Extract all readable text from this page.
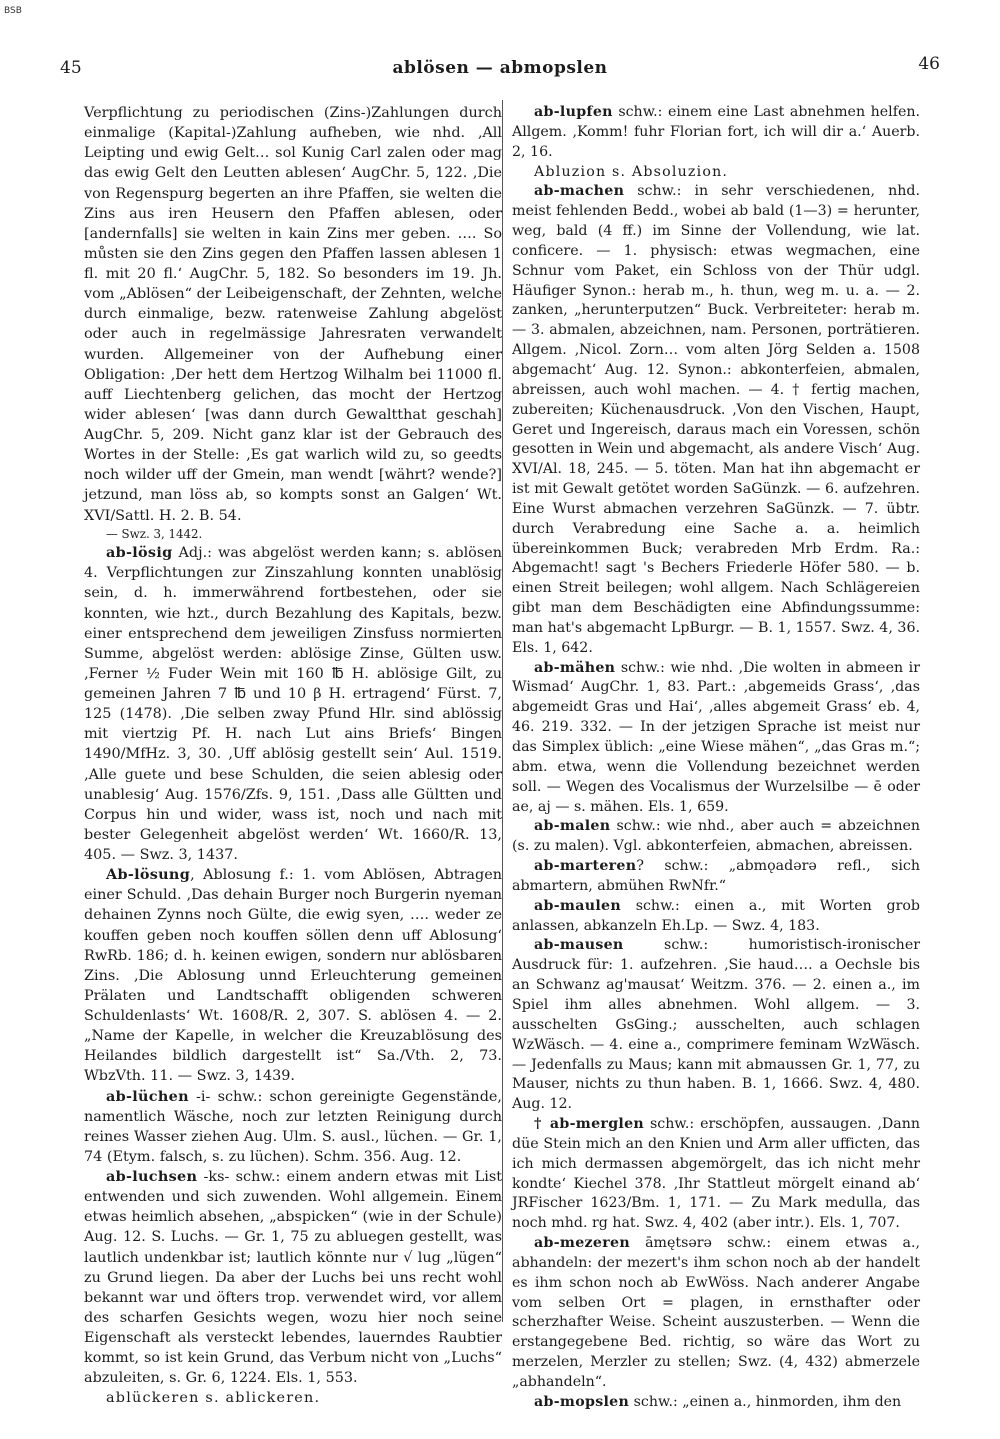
BSB
45	ablösen — abmopslen	46

Verpflichtung zu periodischen (Zins-)Zahlungen durch einmalige (Kapital-)Zahlung aufheben, wie nhd. ‚All Leipting und ewig Gelt… sol Kunig Carl zalen oder mag das ewig Gelt den Leutten ablesen‘ AugChr. 5, 122. ‚Die von Regenspurg begerten an ihre Pfaffen, sie welten die Zins aus iren Heusern den Pfaffen ablesen, oder [andernfalls] sie welten in kain Zins mer geben. …. So můsten sie den Zins gegen den Pfaffen lassen ablesen 1 fl. mit 20 fl.‘ AugChr. 5, 182. So besonders im 19. Jh. vom „Ablösen“ der Leibeigenschaft, der Zehnten, welche durch einmalige, bezw. ratenweise Zahlung abgelöst oder auch in regelmässige Jahresraten verwandelt wurden. Allgemeiner von der Aufhebung einer Obligation: ‚Der hett dem Hertzog Wilhalm bei 11000 fl. auff Liechtenberg gelichen, das mocht der Hertzog wider ablesen‘ [was dann durch Gewaltthat geschah] AugChr. 5, 209. Nicht ganz klar ist der Gebrauch des Wortes in der Stelle: ‚Es gat warlich wild zu, so geedts noch wilder uff der Gmein, man wendt [währt? wende?] jetzund, man löss ab, so kompts sonst an Galgen‘ Wt. XVI/Sattl. H. 2. B. 54.

— Swz. 3, 1442.

ab-lösig Adj.: was abgelöst werden kann; s. ablösen 4. Verpflichtungen zur Zinszahlung konnten unablösig sein, d. h. immerwährend fortbestehen, oder sie konnten, wie hzt., durch Bezahlung des Kapitals, bezw. einer entsprechend dem jeweiligen Zinsfuss normierten Summe, abgelöst werden: ablösige Zinse, Gülten usw. ‚Ferner ½ Fuder Wein mit 160 ℔ H. ablösige Gilt, zu gemeinen Jahren 7 ℔ und 10 β H. ertragend‘ Fürst. 7, 125 (1478). ‚Die selben zway Pfund Hlr. sind ablössig mit viertzig Pf. H. nach Lut ains Briefs‘ Bingen 1490/MfHz. 3, 30. ‚Uff ablösig gestellt sein‘ Aul. 1519. ‚Alle guete und bese Schulden, die seien ablesig oder unablesig‘ Aug. 1576/Zfs. 9, 151. ‚Dass alle Gültten und Corpus hin und wider, wass ist, noch und nach mit bester Gelegenheit abgelöst werden‘ Wt. 1660/R. 13, 405. — Swz. 3, 1437.

Ab-lösung, Ablosung f.: 1. vom Ablösen, Abtragen einer Schuld. ‚Das dehain Burger noch Burgerin nyeman dehainen Zynns noch Gülte, die ewig syen, …. weder ze kouffen geben noch kouffen söllen denn uff Ablosung‘ RwRb. 186; d. h. keinen ewigen, sondern nur ablösbaren Zins. ‚Die Ablosung unnd Erleuchterung gemeinen Prälaten und Landtschafft obligenden schweren Schuldenlasts‘ Wt. 1608/R. 2, 307. S. ablösen 4. — 2. „Name der Kapelle, in welcher die Kreuzablösung des Heilandes bildlich dargestellt ist“ Sa./Vth. 2, 73. WbzVth. 11. — Swz. 3, 1439.

ab-lüchen -i- schw.: schon gereinigte Gegenstände, namentlich Wäsche, noch zur letzten Reinigung durch reines Wasser ziehen Aug. Ulm. S. ausl., lüchen. — Gr. 1, 74 (Etym. falsch, s. zu lüchen). Schm. 356. Aug. 12.

ab-luchsen -ks- schw.: einem andern etwas mit List entwenden und sich zuwenden. Wohl allgemein. Einem etwas heimlich absehen, „abspicken“ (wie in der Schule) Aug. 12. S. Luchs. — Gr. 1, 75 zu abluegen gestellt, was lautlich undenkbar ist; lautlich könnte nur √ lug „lügen“ zu Grund liegen. Da aber der Luchs bei uns recht wohl bekannt war und öfters trop. verwendet wird, vor allem des scharfen Gesichts wegen, wozu hier noch seine Eigenschaft als versteckt lebendes, lauerndes Raubtier kommt, so ist kein Grund, das Verbum nicht von „Luchs“ abzuleiten, s. Gr. 6, 1224. Els. 1, 553.

ablückeren s. ablickeren.

ab-lupfen schw.: einem eine Last abnehmen helfen. Allgem. ‚Komm! fuhr Florian fort, ich will dir a.‘ Auerb. 2, 16.

Abluzion s. Absoluzion.

ab-machen schw.: in sehr verschiedenen, nhd. meist fehlenden Bedd., wobei ab bald (1—3) = herunter, weg, bald (4 ff.) im Sinne der Vollendung, wie lat. conficere. — 1. physisch: etwas wegmachen, eine Schnur vom Paket, ein Schloss von der Thür udgl. Häufiger Synon.: herab m., h. thun, weg m. u. a. — 2. zanken, „herunterputzen“ Buck. Verbreiteter: herab m. — 3. abmalen, abzeichnen, nam. Personen, porträtieren. Allgem. ‚Nicol. Zorn… vom alten Jörg Selden a. 1508 abgemacht‘ Aug. 12. Synon.: abkonterfeien, abmalen, abreissen, auch wohl machen. — 4. † fertig machen, zubereiten; Küchenausdruck. ‚Von den Vischen, Haupt, Geret und Ingereisch, daraus mach ein Voressen, schön gesotten in Wein und abgemacht, als andere Visch‘ Aug. XVI/Al. 18, 245. — 5. töten. Man hat ihn abgemacht er ist mit Gewalt getötet worden SaGünzk. — 6. aufzehren. Eine Wurst abmachen verzehren SaGünzk. — 7. übtr. durch Verabredung eine Sache a. a. heimlich übereinkommen Buck; verabreden Mrb Erdm. Ra.: Abgemacht! sagt 's Bechers Friederle Höfer 580. — b. einen Streit beilegen; wohl allgem. Nach Schlägereien gibt man dem Beschädigten eine Abfindungssumme: man hat's abgemacht LpBurgr. — B. 1, 1557. Swz. 4, 36. Els. 1, 642.

ab-mähen schw.: wie nhd. ‚Die wolten in abmeen ir Wismad‘ AugChr. 1, 83. Part.: ‚abgemeids Grass‘, ‚das abgemeidt Gras und Hai‘, ‚alles abgemeit Grass‘ eb. 4, 46. 219. 332. — In der jetzigen Sprache ist meist nur das Simplex üblich: „eine Wiese mähen“, „das Gras m.“; abm. etwa, wenn die Vollendung bezeichnet werden soll. — Wegen des Vocalismus der Wurzelsilbe — ē oder ae, aj — s. mähen. Els. 1, 659.

ab-malen schw.: wie nhd., aber auch = abzeichnen (s. zu malen). Vgl. abkonterfeien, abmachen, abreissen.

ab-marteren? schw.: „abmǫadərə refl., sich abmartern, abmühen RwNfr.“

ab-maulen schw.: einen a., mit Worten grob anlassen, abkanzeln Eh.Lp. — Swz. 4, 183.

ab-mausen schw.: humoristisch-ironischer Ausdruck für: 1. aufzehren. ‚Sie haud…. a Oechsle bis an Schwanz ag'mausat‘ Weitzm. 376. — 2. einen a., im Spiel ihm alles abnehmen. Wohl allgem. — 3. ausschelten GsGing.; ausschelten, auch schlagen WzWäsch. — 4. eine a., comprimere feminam WzWäsch. — Jedenfalls zu Maus; kann mit abmaussen Gr. 1, 77, zu Mauser, nichts zu thun haben. B. 1, 1666. Swz. 4, 480. Aug. 12.

† ab-merglen schw.: erschöpfen, aussaugen. ‚Dann düe Stein mich an den Knien und Arm aller ufficten, das ich mich dermassen abgemörgelt, das ich nicht mehr kondte‘ Kiechel 378. ‚Ihr Stattleut mörgelt einand ab‘ JRFischer 1623/Bm. 1, 171. — Zu Mark medulla, das noch mhd. rg hat. Swz. 4, 402 (aber intr.). Els. 1, 707.

ab-mezeren āmętsərə schw.: einem etwas a., abhandeln: der mezert's ihm schon noch ab der handelt es ihm schon noch ab EwWöss. Nach anderer Angabe vom selben Ort = plagen, in ernsthafter oder scherzhafter Weise. Scheint auszusterben. — Wenn die erstangegebene Bed. richtig, so wäre das Wort zu merzelen, Merzler zu stellen; Swz. (4, 432) abmerzele „abhandeln“.

ab-mopslen schw.: „einen a., hinmorden, ihm den
